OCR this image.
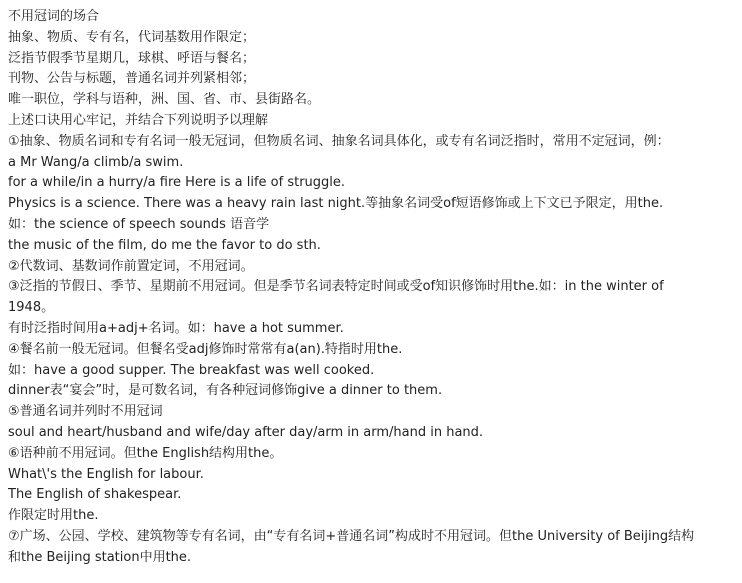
不用冠词的场合
抽象、物质、专有名，代词基数用作限定；
泛指节假季节星期几，球棋、呼语与餐名；
刊物、公告与标题，普通名词并列紧相邻；
唯一职位，学科与语种，洲、国、省、市、县街路名。
上述口诀用心牢记，并结合下列说明予以理解
①抽象、物质名词和专有名词一般无冠词，但物质名词、抽象名词具体化，或专有名词泛指时，常用不定冠词，例：
a Mr Wang/a climb/a swim.
for a while/in a hurry/a fire Here is a life of struggle.
Physics is a science. There was a heavy rain last night.等抽象名词受of短语修饰或上下文已予限定，用the.
如：the science of speech sounds 语音学
the music of the film, do me the favor to do sth.
②代数词、基数词作前置定词，不用冠词。
③泛指的节假日、季节、星期前不用冠词。但是季节名词表特定时间或受of知识修饰时用the.如：in the winter of
1948。
有时泛指时间用a+adj+名词。如：have a hot summer.
④餐名前一般无冠词。但餐名受adj修饰时常常有a(an).特指时用the.
如：have a good supper. The breakfast was well cooked.
dinner表“宴会”时，是可数名词，有各种冠词修饰give a dinner to them.
⑤普通名词并列时不用冠词
soul and heart/husband and wife/day after day/arm in arm/hand in hand.
⑥语种前不用冠词。但the English结构用the。
What\'s the English for labour.
The English of shakespear.
作限定时用the.
⑦广场、公园、学校、建筑物等专有名词，由“专有名词+普通名词”构成时不用冠词。但the University of Beijing结构
和the Beijing station中用the.
